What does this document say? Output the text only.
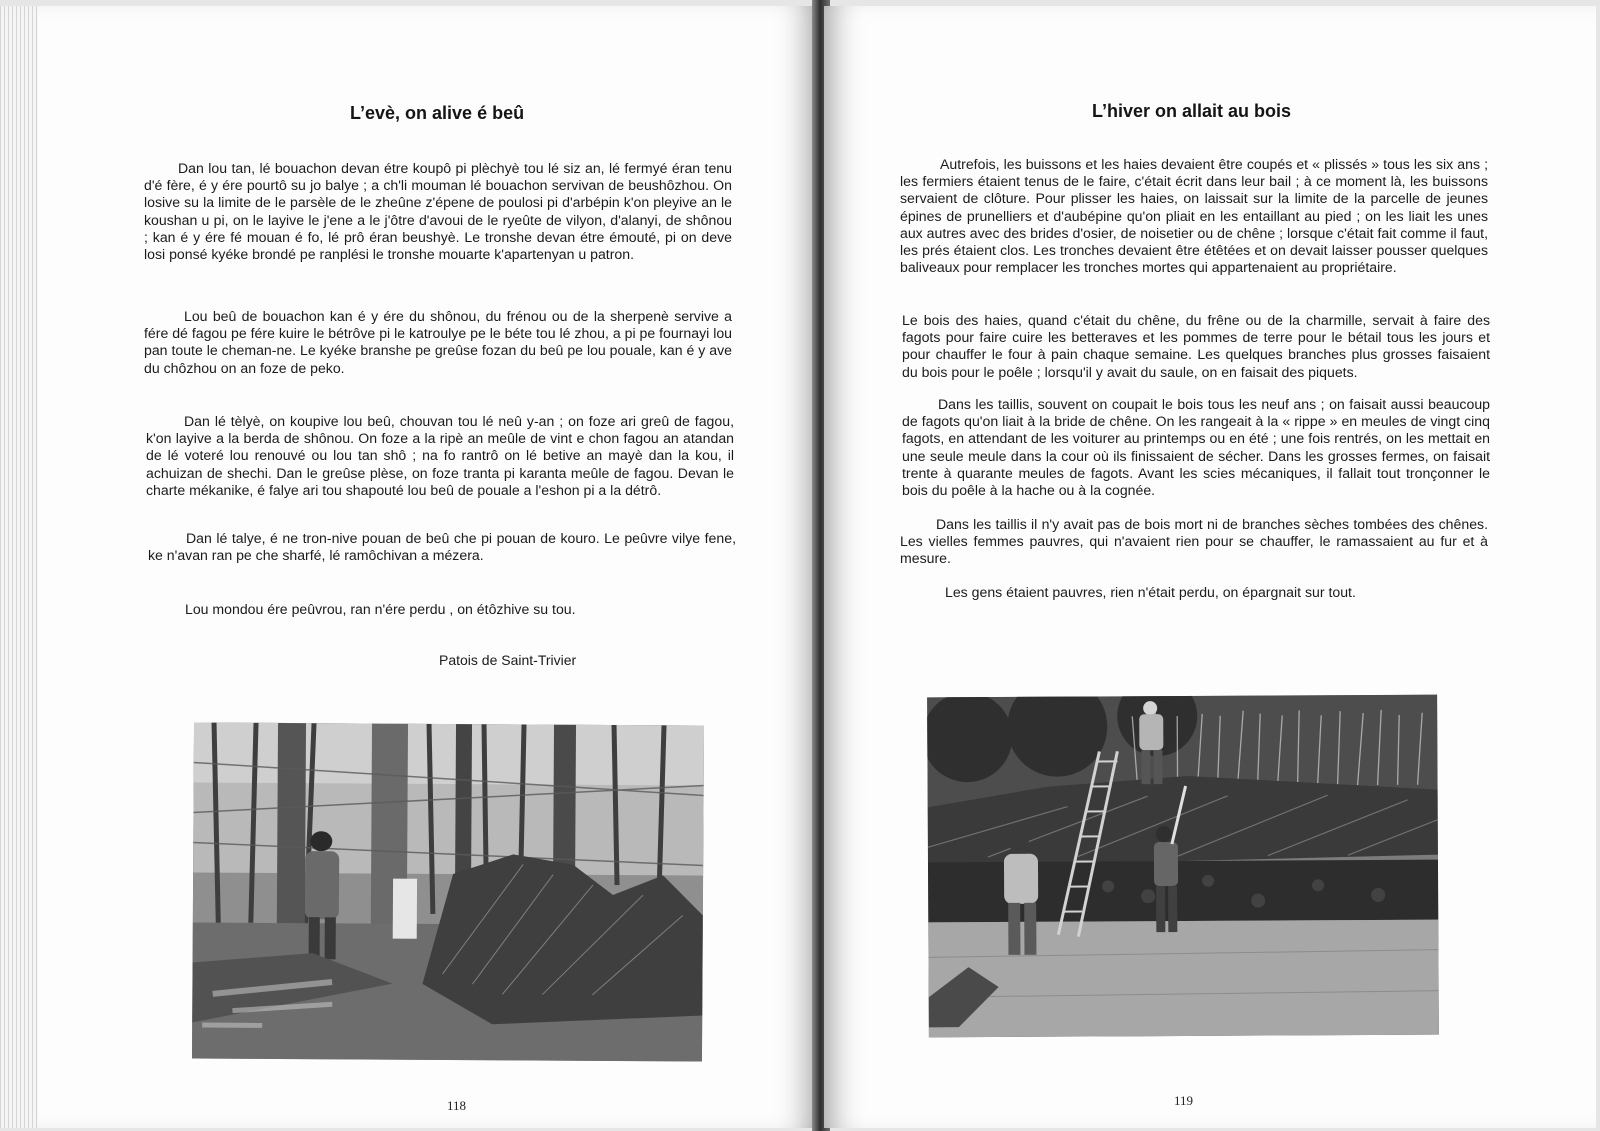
L’evè, on alive é beû

Dan lou tan, lé bouachon devan étre koupô pi plèchyè tou lé siz an, lé fermyé éran tenu d'é fère, é y ére pourtô su jo balye ; a ch'li mouman lé bouachon servivan de beushôzhou. On losive su la limite de le parsèle de le zheûne z'épene de poulosi pi d'arbépin k'on pleyive an le koushan u pi, on le layive le j'ene a le j'ôtre d'avoui de le ryeûte de vilyon, d'alanyi, de shônou ; kan é y ére fé mouan é fo, lé prô éran beushyè. Le tronshe devan étre émouté, pi on deve losi ponsé kyéke brondé pe ranplési le tronshe mouarte k'apartenyan u patron.

Lou beû de bouachon kan é y ére du shônou, du frénou ou de la sherpenè servive a fére dé fagou pe fére kuire le bétrôve pi le katroulye pe le béte tou lé zhou, a pi pe fournayi lou pan toute le cheman-ne. Le kyéke branshe pe greûse fozan du beû pe lou pouale, kan é y ave du chôzhou on an foze de peko.

Dan lé tèlyè, on koupive lou beû, chouvan tou lé neû y-an ; on foze ari greû de fagou, k'on layive a la berda de shônou. On foze a la ripè an meûle de vint e chon fagou an atandan de lé voteré lou renouvé ou lou tan shô ; na fo rantrô on lé betive an mayè dan la kou, il achuizan de shechi. Dan le greûse plèse, on foze tranta pi karanta meûle de fagou. Devan le charte mékanike, é falye ari tou shapouté lou beû de pouale a l'eshon pi a la détrô.

Dan lé talye, é ne tron-nive pouan de beû che pi pouan de kouro. Le peûvre vilye fene, ke n'avan ran pe che sharfé, lé ramôchivan a mézera.

Lou mondou ére peûvrou, ran n'ére perdu , on étôzhive su tou.

Patois de Saint-Trivier
118
L’hiver on allait au bois

Autrefois, les buissons et les haies devaient être coupés et « plissés » tous les six ans ; les fermiers étaient tenus de le faire, c'était écrit dans leur bail ; à ce moment là, les buissons servaient de clôture. Pour plisser les haies, on laissait sur la limite de la parcelle de jeunes épines de prunelliers et d'aubépine qu'on pliait en les entaillant au pied ; on les liait les unes aux autres avec des brides d'osier, de noisetier ou de chêne ; lorsque c'était fait comme il faut, les prés étaient clos. Les tronches devaient être étêtées et on devait laisser pousser quelques baliveaux pour remplacer les tronches mortes qui appartenaient au propriétaire.

Le bois des haies, quand c'était du chêne, du frêne ou de la charmille, servait à faire des fagots pour faire cuire les betteraves et les pommes de terre pour le bétail tous les jours et pour chauffer le four à pain chaque semaine. Les quelques branches plus grosses faisaient du bois pour le poêle ; lorsqu'il y avait du saule, on en faisait des piquets.

Dans les taillis, souvent on coupait le bois tous les neuf ans ; on faisait aussi beaucoup de fagots qu'on liait à la bride de chêne. On les rangeait à la « rippe » en meules de vingt cinq fagots, en attendant de les voiturer au printemps ou en été ; une fois rentrés, on les mettait en une seule meule dans la cour où ils finissaient de sécher. Dans les grosses fermes, on faisait trente à quarante meules de fagots. Avant les scies mécaniques, il fallait tout tronçonner le bois du poêle à la hache ou à la cognée.

Dans les taillis il n'y avait pas de bois mort ni de branches sèches tombées des chênes. Les vielles femmes pauvres, qui n'avaient rien pour se chauffer, le ramassaient au fur et à mesure.

Les gens étaient pauvres, rien n'était perdu, on épargnait sur tout.

119
